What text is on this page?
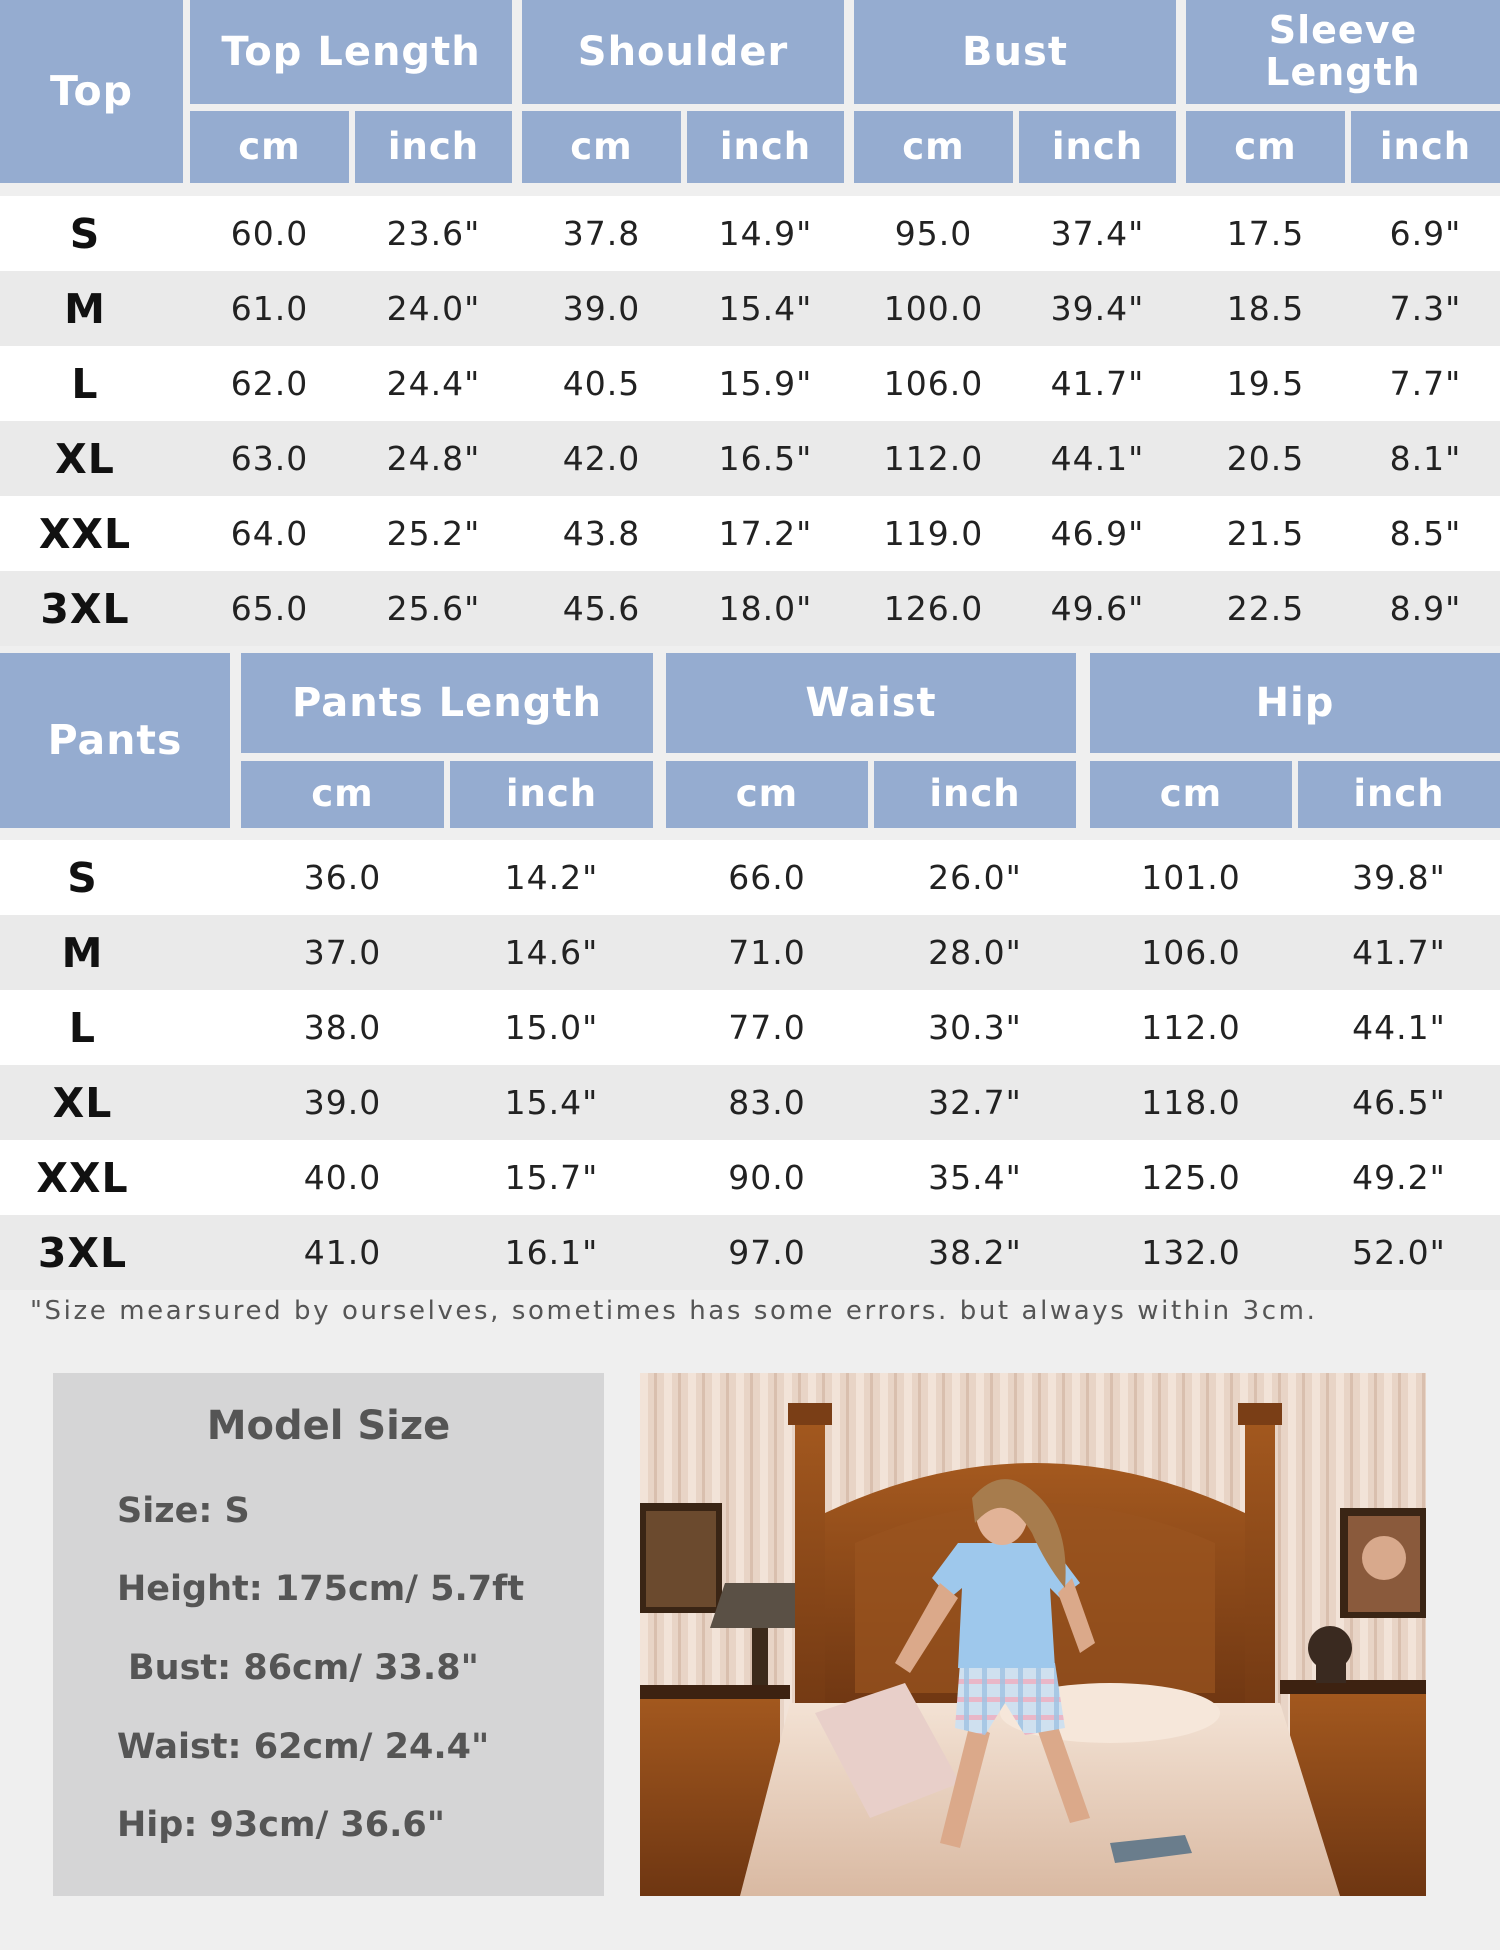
Top
Top Length	Shoulder	Bust	Sleeve Length
cm	inch	cm	inch	cm	inch	cm	inch
S	60.0	23.6"	37.8	14.9"	95.0	37.4"	17.5	6.9"
M	61.0	24.0"	39.0	15.4"	100.0	39.4"	18.5	7.3"
L	62.0	24.4"	40.5	15.9"	106.0	41.7"	19.5	7.7"
XL	63.0	24.8"	42.0	16.5"	112.0	44.1"	20.5	8.1"
XXL	64.0	25.2"	43.8	17.2"	119.0	46.9"	21.5	8.5"
3XL	65.0	25.6"	45.6	18.0"	126.0	49.6"	22.5	8.9"
Pants
Pants Length	Waist	Hip
cm	inch	cm	inch	cm	inch
S	36.0	14.2"	66.0	26.0"	101.0	39.8"
M	37.0	14.6"	71.0	28.0"	106.0	41.7"
L	38.0	15.0"	77.0	30.3"	112.0	44.1"
XL	39.0	15.4"	83.0	32.7"	118.0	46.5"
XXL	40.0	15.7"	90.0	35.4"	125.0	49.2"
3XL	41.0	16.1"	97.0	38.2"	132.0	52.0"
"Size mearsured by ourselves, sometimes has some errors. but always within 3cm.
Model Size
Size: S
Height: 175cm/ 5.7ft
Bust: 86cm/ 33.8"
Waist: 62cm/ 24.4"
Hip: 93cm/ 36.6"
